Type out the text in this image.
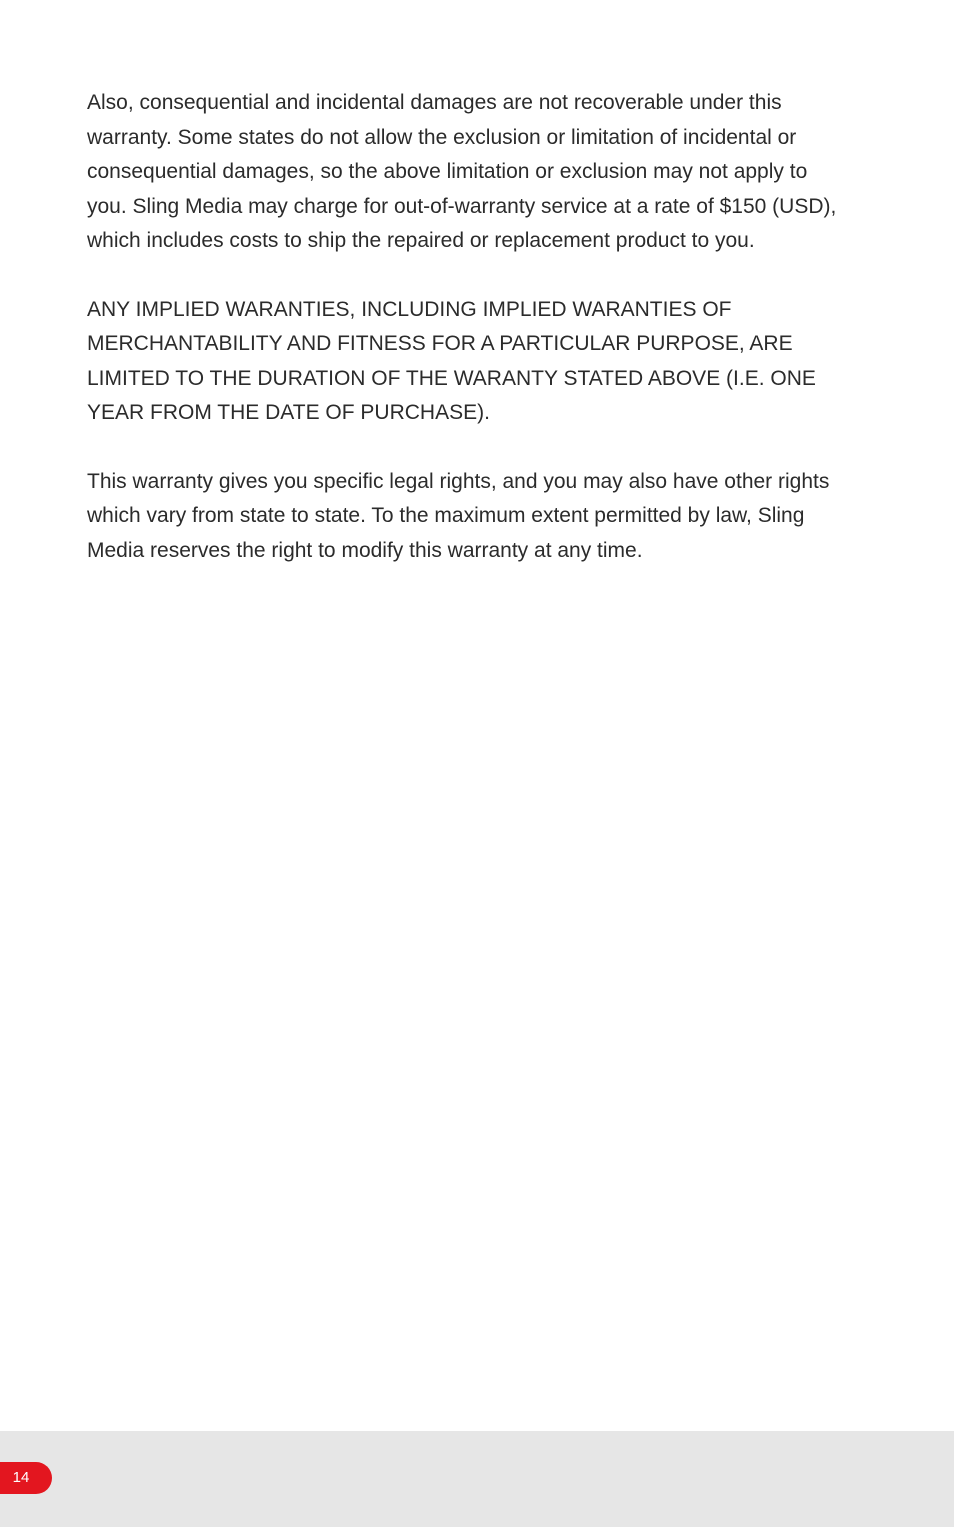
Also, consequential and incidental damages are not recoverable under this warranty. Some states do not allow the exclusion or limitation of incidental or consequential damages, so the above limitation or exclusion may not apply to you. Sling Media may charge for out-of-warranty service at a rate of $150 (USD), which includes costs to ship the repaired or replacement product to you.

ANY IMPLIED WARANTIES, INCLUDING IMPLIED WARANTIES OF MERCHANTABILITY AND FITNESS FOR A PARTICULAR PURPOSE, ARE LIMITED TO THE DURATION OF THE WARANTY STATED ABOVE (I.E. ONE YEAR FROM THE DATE OF PURCHASE).

This warranty gives you specific legal rights, and you may also have other rights which vary from state to state. To the maximum extent permitted by law, Sling Media reserves the right to modify this warranty at any time.

14
